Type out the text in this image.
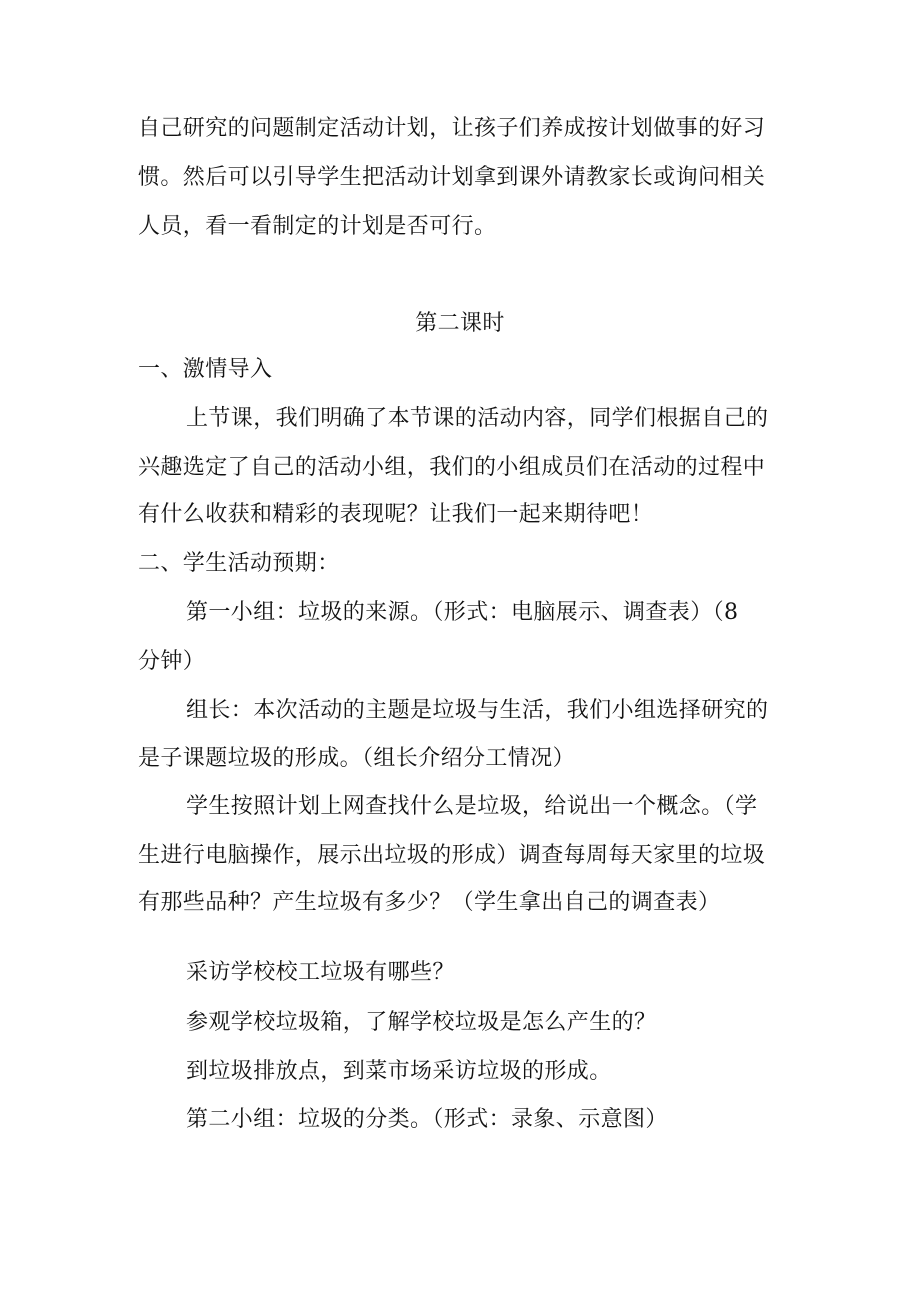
自己研究的问题制定活动计划，让孩子们养成按计划做事的好习
惯。然后可以引导学生把活动计划拿到课外请教家长或询问相关
人员，看一看制定的计划是否可行。
第二课时
一、激情导入
上节课，我们明确了本节课的活动内容，同学们根据自己的
兴趣选定了自己的活动小组，我们的小组成员们在活动的过程中
有什么收获和精彩的表现呢？让我们一起来期待吧！
二、学生活动预期：
第一小组：垃圾的来源。（形式：电脑展示、调查表）（8
分钟）
组长：本次活动的主题是垃圾与生活，我们小组选择研究的
是子课题垃圾的形成。（组长介绍分工情况）
学生按照计划上网查找什么是垃圾，给说出一个概念。（学
生进行电脑操作，展示出垃圾的形成）调查每周每天家里的垃圾
有那些品种？产生垃圾有多少？（学生拿出自己的调查表）
采访学校校工垃圾有哪些？
参观学校垃圾箱，了解学校垃圾是怎么产生的？
到垃圾排放点，到菜市场采访垃圾的形成。
第二小组：垃圾的分类。（形式：录象、示意图）
